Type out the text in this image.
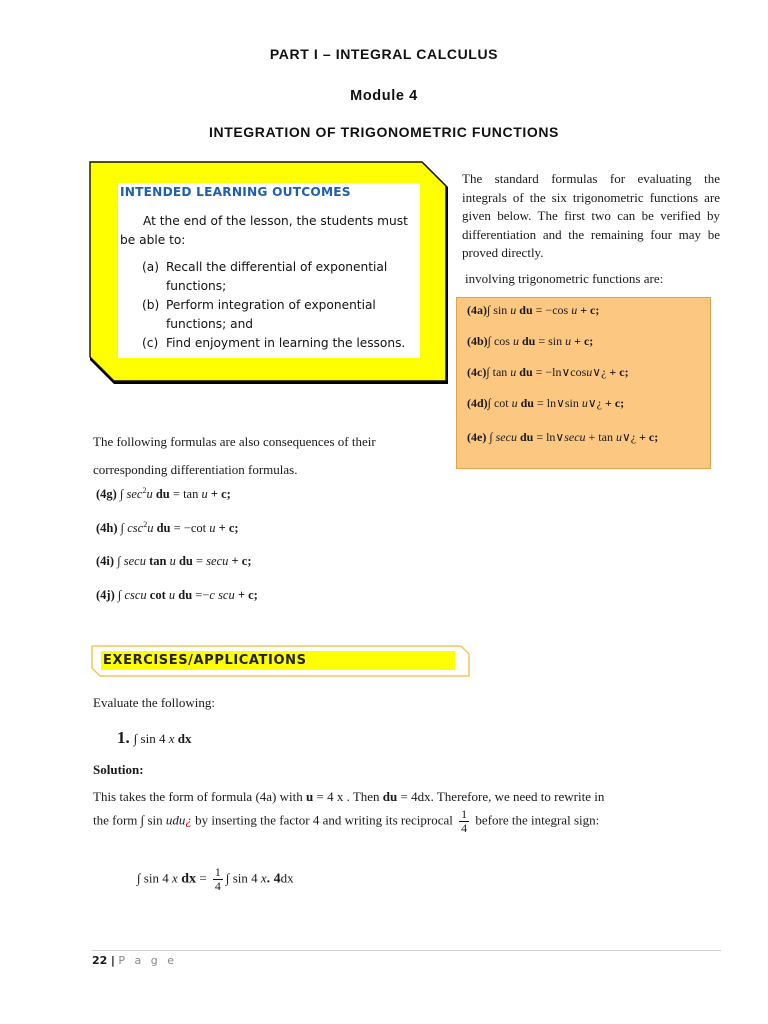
PART I – INTEGRAL CALCULUS
Module 4
INTEGRATION OF TRIGONOMETRIC FUNCTIONS
INTENDED LEARNING OUTCOMES
At the end of the lesson, the students must be able to:
(a) Recall the differential of exponential functions;
(b) Perform integration of exponential functions; and
(c) Find enjoyment in learning the lessons.
The standard formulas for evaluating the integrals of the six trigonometric functions are given below. The first two can be verified by differentiation and the remaining four may be proved directly.
involving trigonometric functions are:
(4a)∫ sin u du = −cos u + c;
(4b)∫ cos u du = sin u + c;
(4c)∫ tan u du = −ln∨cosu∨¿ + c;
(4d)∫ cot u du = ln∨sin u∨¿ + c;
(4e) ∫ secu du = ln∨secu + tan u∨¿ + c;
The following formulas are also consequences of their corresponding differentiation formulas.
(4g) ∫ $\sec^2u$ du = tan u + c;
(4h) ∫ $\csc^2u$ du = −cot u + c;
(4i) ∫ secu tan u du = secu + c;
(4j) ∫ cscu cot u du =−c scu + c;
EXERCISES/APPLICATIONS
Evaluate the following:
1. ∫ sin 4 x dx
Solution:
This takes the form of formula (4a) with u = 4 x . Then du = 4dx. Therefore, we need to rewrite in
the form ∫ sin udu¿ by inserting the factor 4 and writing its reciprocal $\frac{1}{4}$ before the integral sign:
∫ sin 4 x dx = $\frac{1}{4}$ ∫ sin 4 x. 4dx
22 | P a g e
